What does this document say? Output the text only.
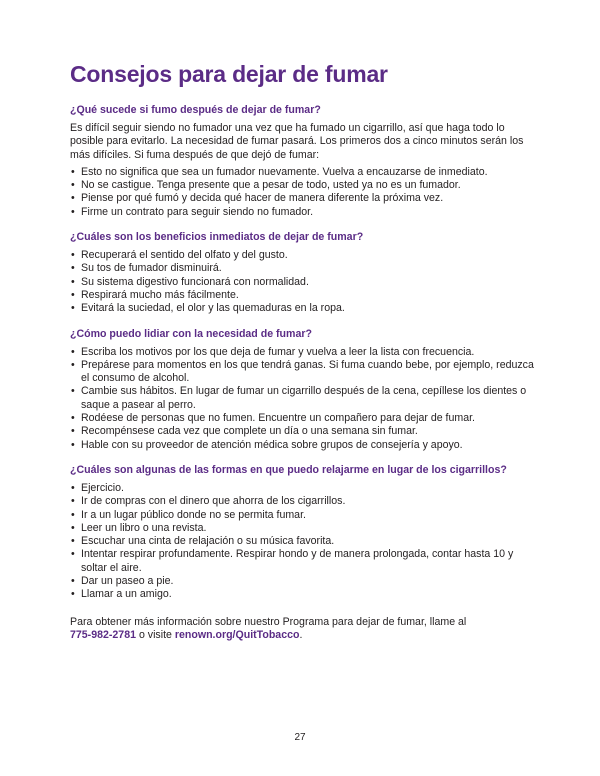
Consejos para dejar de fumar
¿Qué sucede si fumo después de dejar de fumar?

Es difícil seguir siendo no fumador una vez que ha fumado un cigarrillo, así que haga todo lo posible para evitarlo. La necesidad de fumar pasará. Los primeros dos a cinco minutos serán los más difíciles. Si fuma después de que dejó de fumar:

• Esto no significa que sea un fumador nuevamente. Vuelva a encauzarse de inmediato.
• No se castigue. Tenga presente que a pesar de todo, usted ya no es un fumador.
• Piense por qué fumó y decida qué hacer de manera diferente la próxima vez.
• Firme un contrato para seguir siendo no fumador.
¿Cuáles son los beneficios inmediatos de dejar de fumar?
• Recuperará el sentido del olfato y del gusto.
• Su tos de fumador disminuirá.
• Su sistema digestivo funcionará con normalidad.
• Respirará mucho más fácilmente.
• Evitará la suciedad, el olor y las quemaduras en la ropa.
¿Cómo puedo lidiar con la necesidad de fumar?
• Escriba los motivos por los que deja de fumar y vuelva a leer la lista con frecuencia.
• Prepárese para momentos en los que tendrá ganas. Si fuma cuando bebe, por ejemplo, reduzca el consumo de alcohol.
• Cambie sus hábitos. En lugar de fumar un cigarrillo después de la cena, cepíllese los dientes o saque a pasear al perro.
• Rodéese de personas que no fumen. Encuentre un compañero para dejar de fumar.
• Recompénsese cada vez que complete un día o una semana sin fumar.
• Hable con su proveedor de atención médica sobre grupos de consejería y apoyo.
¿Cuáles son algunas de las formas en que puedo relajarme en lugar de los cigarrillos?
• Ejercicio.
• Ir de compras con el dinero que ahorra de los cigarrillos.
• Ir a un lugar público donde no se permita fumar.
• Leer un libro o una revista.
• Escuchar una cinta de relajación o su música favorita.
• Intentar respirar profundamente. Respirar hondo y de manera prolongada, contar hasta 10 y soltar el aire.
• Dar un paseo a pie.
• Llamar a un amigo.

Para obtener más información sobre nuestro Programa para dejar de fumar, llame al
775-982-2781 o visite renown.org/QuitTobacco.

27
